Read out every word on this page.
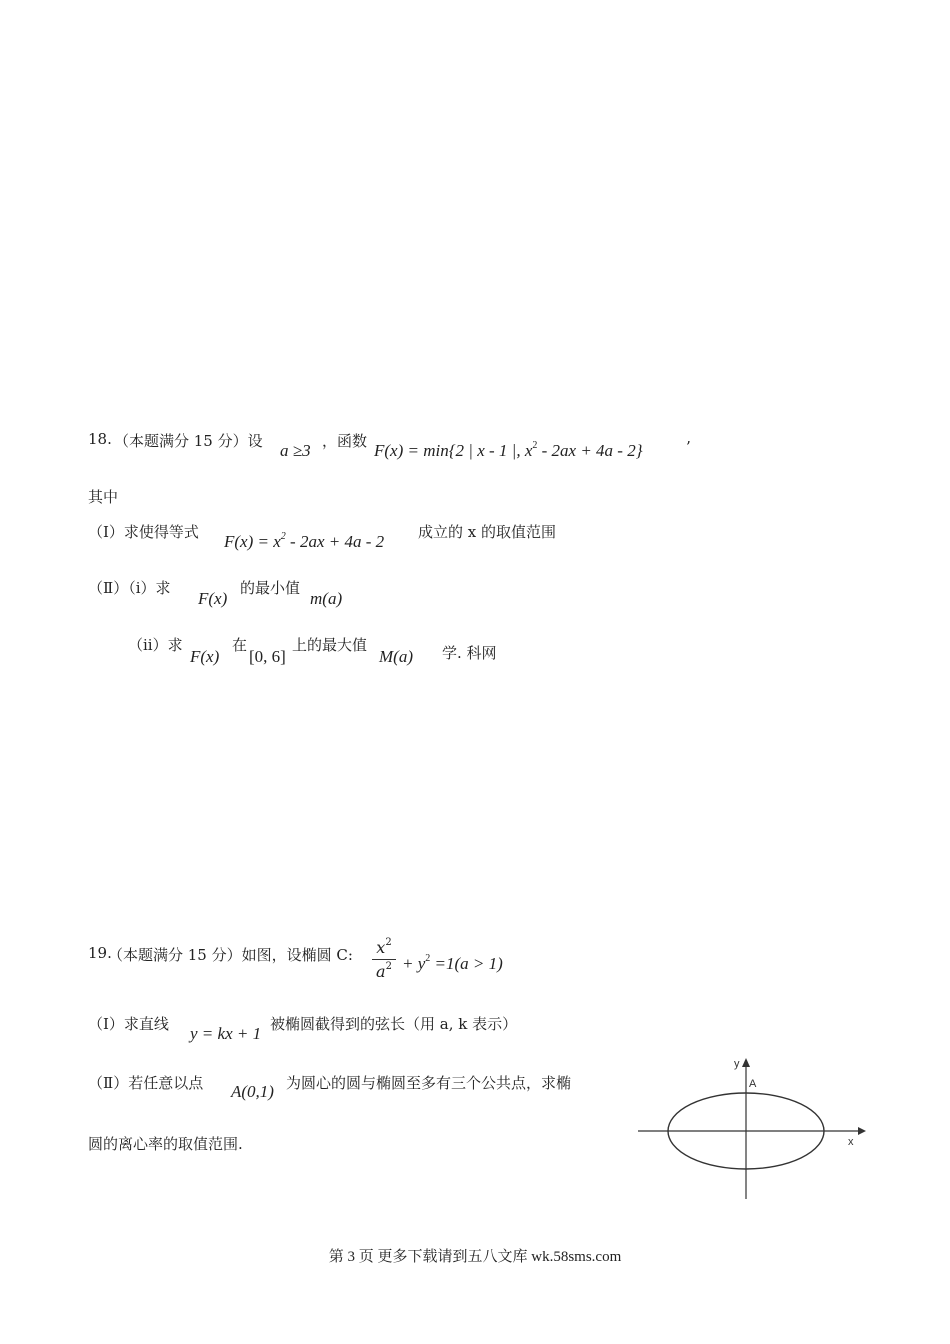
18. （本题满分 15 分）设 a ≥3 ，函数 F(x) = min{2 | x - 1 |, $x^2 - 2ax + 4a - 2$}	’
其中
（Ⅰ）求使得等式 $F(x) = x^2 - 2ax + 4a - 2$ 成立的 x 的取值范围
（Ⅱ）（i）求
F(x)
的最小值
m(a)
（ii）求
F(x)
在
[0, 6]
上的最大值
M(a) 学. 科网
19.
（本题满分 15 分）如图，设椭圆 C: $\frac{x^2}{a^2} + y^2 =1(a > 1)$
（Ⅰ）求直线 y = kx + 1 被椭圆截得到的弦长（用 a, k 表示）
（Ⅱ）若任意以点 A(0,1) 为圆心的圆与椭圆至多有三个公共点，求椭
圆的离心率的取值范围.
y
x
A
第 3 页 更多下载请到五八文库 wk.58sms.com
